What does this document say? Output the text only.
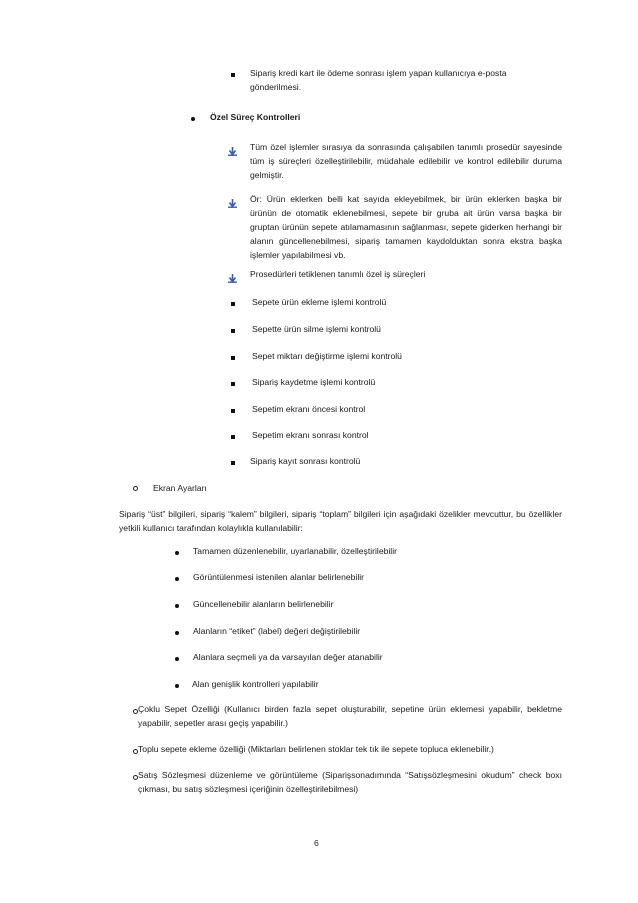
Sipariş kredi kart ile ödeme sonrası işlem yapan kullanıcıya e-posta
gönderilmesi.
Özel Süreç Kontrolleri
Tüm özel işlemler sırasıya da sonrasında çalışabilen tanımlı prosedür sayesinde tüm iş süreçleri özelleştirilebilir, müdahale edilebilir ve kontrol edilebilir duruma gelmiştir.
Ör: Ürün eklerken belli kat sayıda ekleyebilmek, bir ürün eklerken başka bir ürünün de otomatik eklenebilmesi, sepete bir gruba ait ürün varsa başka bir gruptan ürünün sepete atılamamasının sağlanması, sepete giderken herhangi bir alanın güncellenebilmesi, sipariş tamamen kaydolduktan sonra ekstra başka işlemler yapılabilmesi vb.
Prosedürleri tetiklenen tanımlı özel iş süreçleri
Sepete ürün ekleme işlemi kontrolü
Sepette ürün silme işlemi kontrolü
Sepet miktarı değiştirme işlemi kontrolü
Sipariş kaydetme işlemi kontrolü
Sepetim ekranı öncesi kontrol
Sepetim ekranı sonrası kontrol
Sipariş kayıt sonrası kontrolü
Ekran Ayarları
Sipariş “üst” bilgileri, sipariş “kalem” bilgileri, sipariş “toplam” bilgileri için aşağıdaki özelikler mevcuttur, bu özellikler yetkili kullanıcı tarafından kolaylıkla kullanılabilir:
Tamamen düzenlenebilir, uyarlanabilir, özelleştirilebilir
Görüntülenmesi istenilen alanlar belirlenebilir
Güncellenebilir alanların belirlenebilir
Alanların “etiket” (label) değeri değiştirilebilir
Alanlara seçmeli ya da varsayılan değer atanabilir
Alan genişlik kontrolleri yapılabilir
Çoklu Sepet Özelliği (Kullanıcı birden fazla sepet oluşturabilir, sepetine ürün eklemesi yapabilir, bekletme yapabilir, sepetler arası geçiş yapabilir.)
Toplu sepete ekleme özelliği (Miktarları belirlenen stoklar tek tık ile sepete topluca eklenebilir.)
Satış Sözleşmesi düzenleme ve görüntüleme (Siparişsonadımında “Satışsözleşmesini okudum” check boxı çıkması, bu satış sözleşmesi içeriğinin özelleştirilebilmesi)
6
